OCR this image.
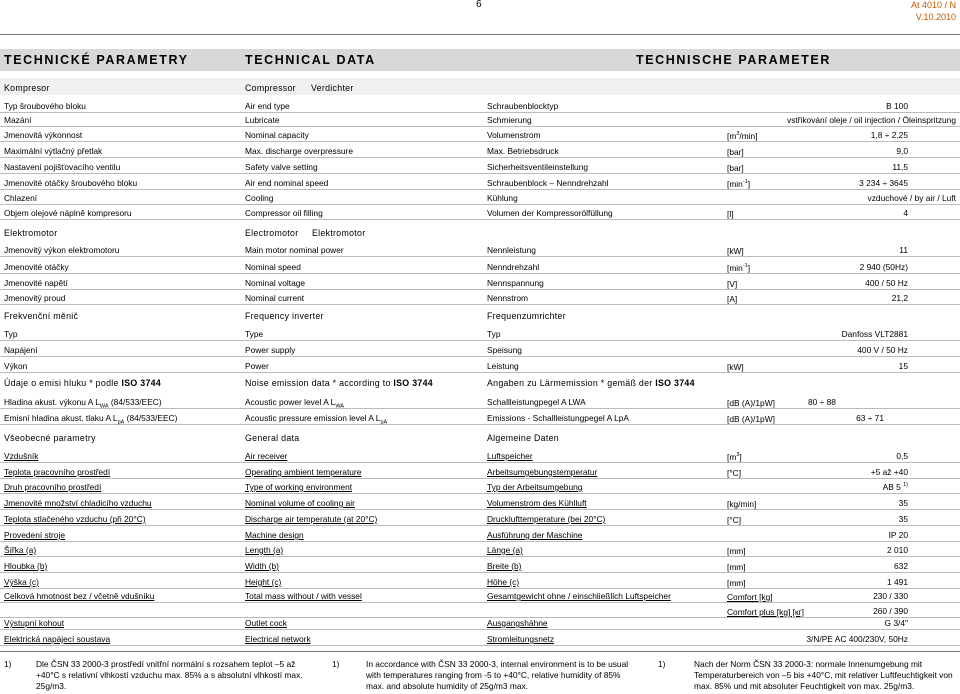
6	At 4010 / N
V.10.2010
TECHNICKÉ PARAMETRY	TECHNICAL DATA	TECHNISCHE PARAMETER
Kompresor	Compressor Verdichter
Typ šroubového bloku	Air end type	Schraubenblocktyp	B 100
Mazání	Lubricate	Schmierung	vstřikování oleje / oil injection / Öleinspritzung
Jmenovitá výkonnost	Nominal capacity	Volumenstrom	$[m^3/\min]$	1,8 ÷ 2,25
Maximální výtlačný přetlak	Max. discharge overpressure	Max. Betriebsdruck	[bar]	9,0
Nastavení pojišťovacího ventilu	Safety valve setting	Sicherheitsventileinstellung	[bar]	11,5
Jmenovité otáčky šroubového bloku	Air end nominal speed	Schraubenblock – Nenndrehzahl	$[\min^{-1}]$	3 234 ÷ 3645
Chlazení	Cooling	Kühlung	vzduchové / by air / Luft
Objem olejové náplně kompresoru	Compressor oil filling	Volumen der Kompressorölfüllung	[l]	4
Jmenovitý výkon elektromotoru	Main motor nominal power	Nennleistung	[kW]	11
Jmenovité otáčky	Nominal speed	Nenndrehzahl	$[\min^{-1}]$	2 940 (50Hz)
Jmenovité napětí	Nominal voltage	Nennspannung	[V]	400 / 50 Hz
Jmenovitý proud	Nominal current	Nennstrom	[A]	21,2
Typ	Type	Typ	Danfoss VLT2881
Napájení	Power supply	Speisung	400 V / 50 Hz
Výkon	Power	Leistung	[kW]	15
Hladina akust. výkonu A $L_{WA}$ (84/533/EEC)	Acoustic power level A $L_{WA}$	Schallleistungpegel A LWA	[dB (A)/1pW]	80 ÷ 88
Emisní hladina akust. tlaku A $L_{pA}$ (84/533/EEC)	Acoustic pressure emission level A $L_{pA}$	Emissions - Schallleistungpegel A LpA	[dB (A)/1pW]	63 ÷ 71
Vzdušník	Air receiver	Luftspeicher	$[m^3]$	0,5
Teplota pracovního prostředí	Operating ambient temperature	Arbeitsumgebungstemperatur	[°C]	+5 až +40
Druh pracovního prostředí	Type of working environment	Typ der Arbeitsumgebung	AB 5 $^{1)}$
Jmenovité množství chladicího vzduchu	Nominal volume of cooling air	Volumenstrom des Kühlluft	[kg/min]	35
Teplota stlačeného vzduchu (při 20°C)	Discharge air temperatute (at 20°C)	Drucklufttemperature (bei 20°C)	[°C]	35
Provedení stroje	Machine design	Ausführung der Maschine	IP 20
Šířka (a)	Length (a)	Länge (a)	[mm]	2 010
Hloubka (b)	Width (b)	Breite (b)	[mm]	632
Výška (c)	Height (c)	Höhe (c)	[mm]	1 491
Celková hmotnost bez / včetně vdušníku	Total mass without / with vessel	Gesamtgewicht ohne / einschließlich Luftspeicher	Comfort [kg]	230 / 330
Comfort plus [kg] [кг]	260 / 390
Výstupní kohout	Outlet cock	Ausgangshähne	G 3/4"
Elektrická napájecí soustava	Electrical network	Stromleitungsnetz	3/N/PE AC 400/230V, 50Hz
Elektromotor	Electromotor Elektromotor
Frekvenční měnič	Frequency inverter	Frequenzumrichter
Údaje o emisi hluku * podle ISO 3744	Noise emission data * according to ISO 3744	Angaben zu Lärmemission * gemäß der ISO 3744
Všeobecné parametry	General data	Algemeine Daten
1)	Dle ČSN 33 2000-3 prostředí vnitřní normální s rozsahem teplot –5 až +40°C s relativní vlhkostí vzduchu max. 85% a s absolutní vlhkostí max. 25g/m3.
1)	In accordance with ČSN 33 2000-3, internal environment is to be usual with temperatures ranging from -5 to +40°C, relative humidity of 85% max. and absolute humidity of 25g/m3 max.
1)	Nach der Norm ČSN 33 2000-3: normale Innenumgebung mit Temperaturbereich von –5 bis +40°C, mit relativer Luftfeuchtigkeit von max. 85% und mit absoluter Feuchtigkeit von max. 25g/m3.
